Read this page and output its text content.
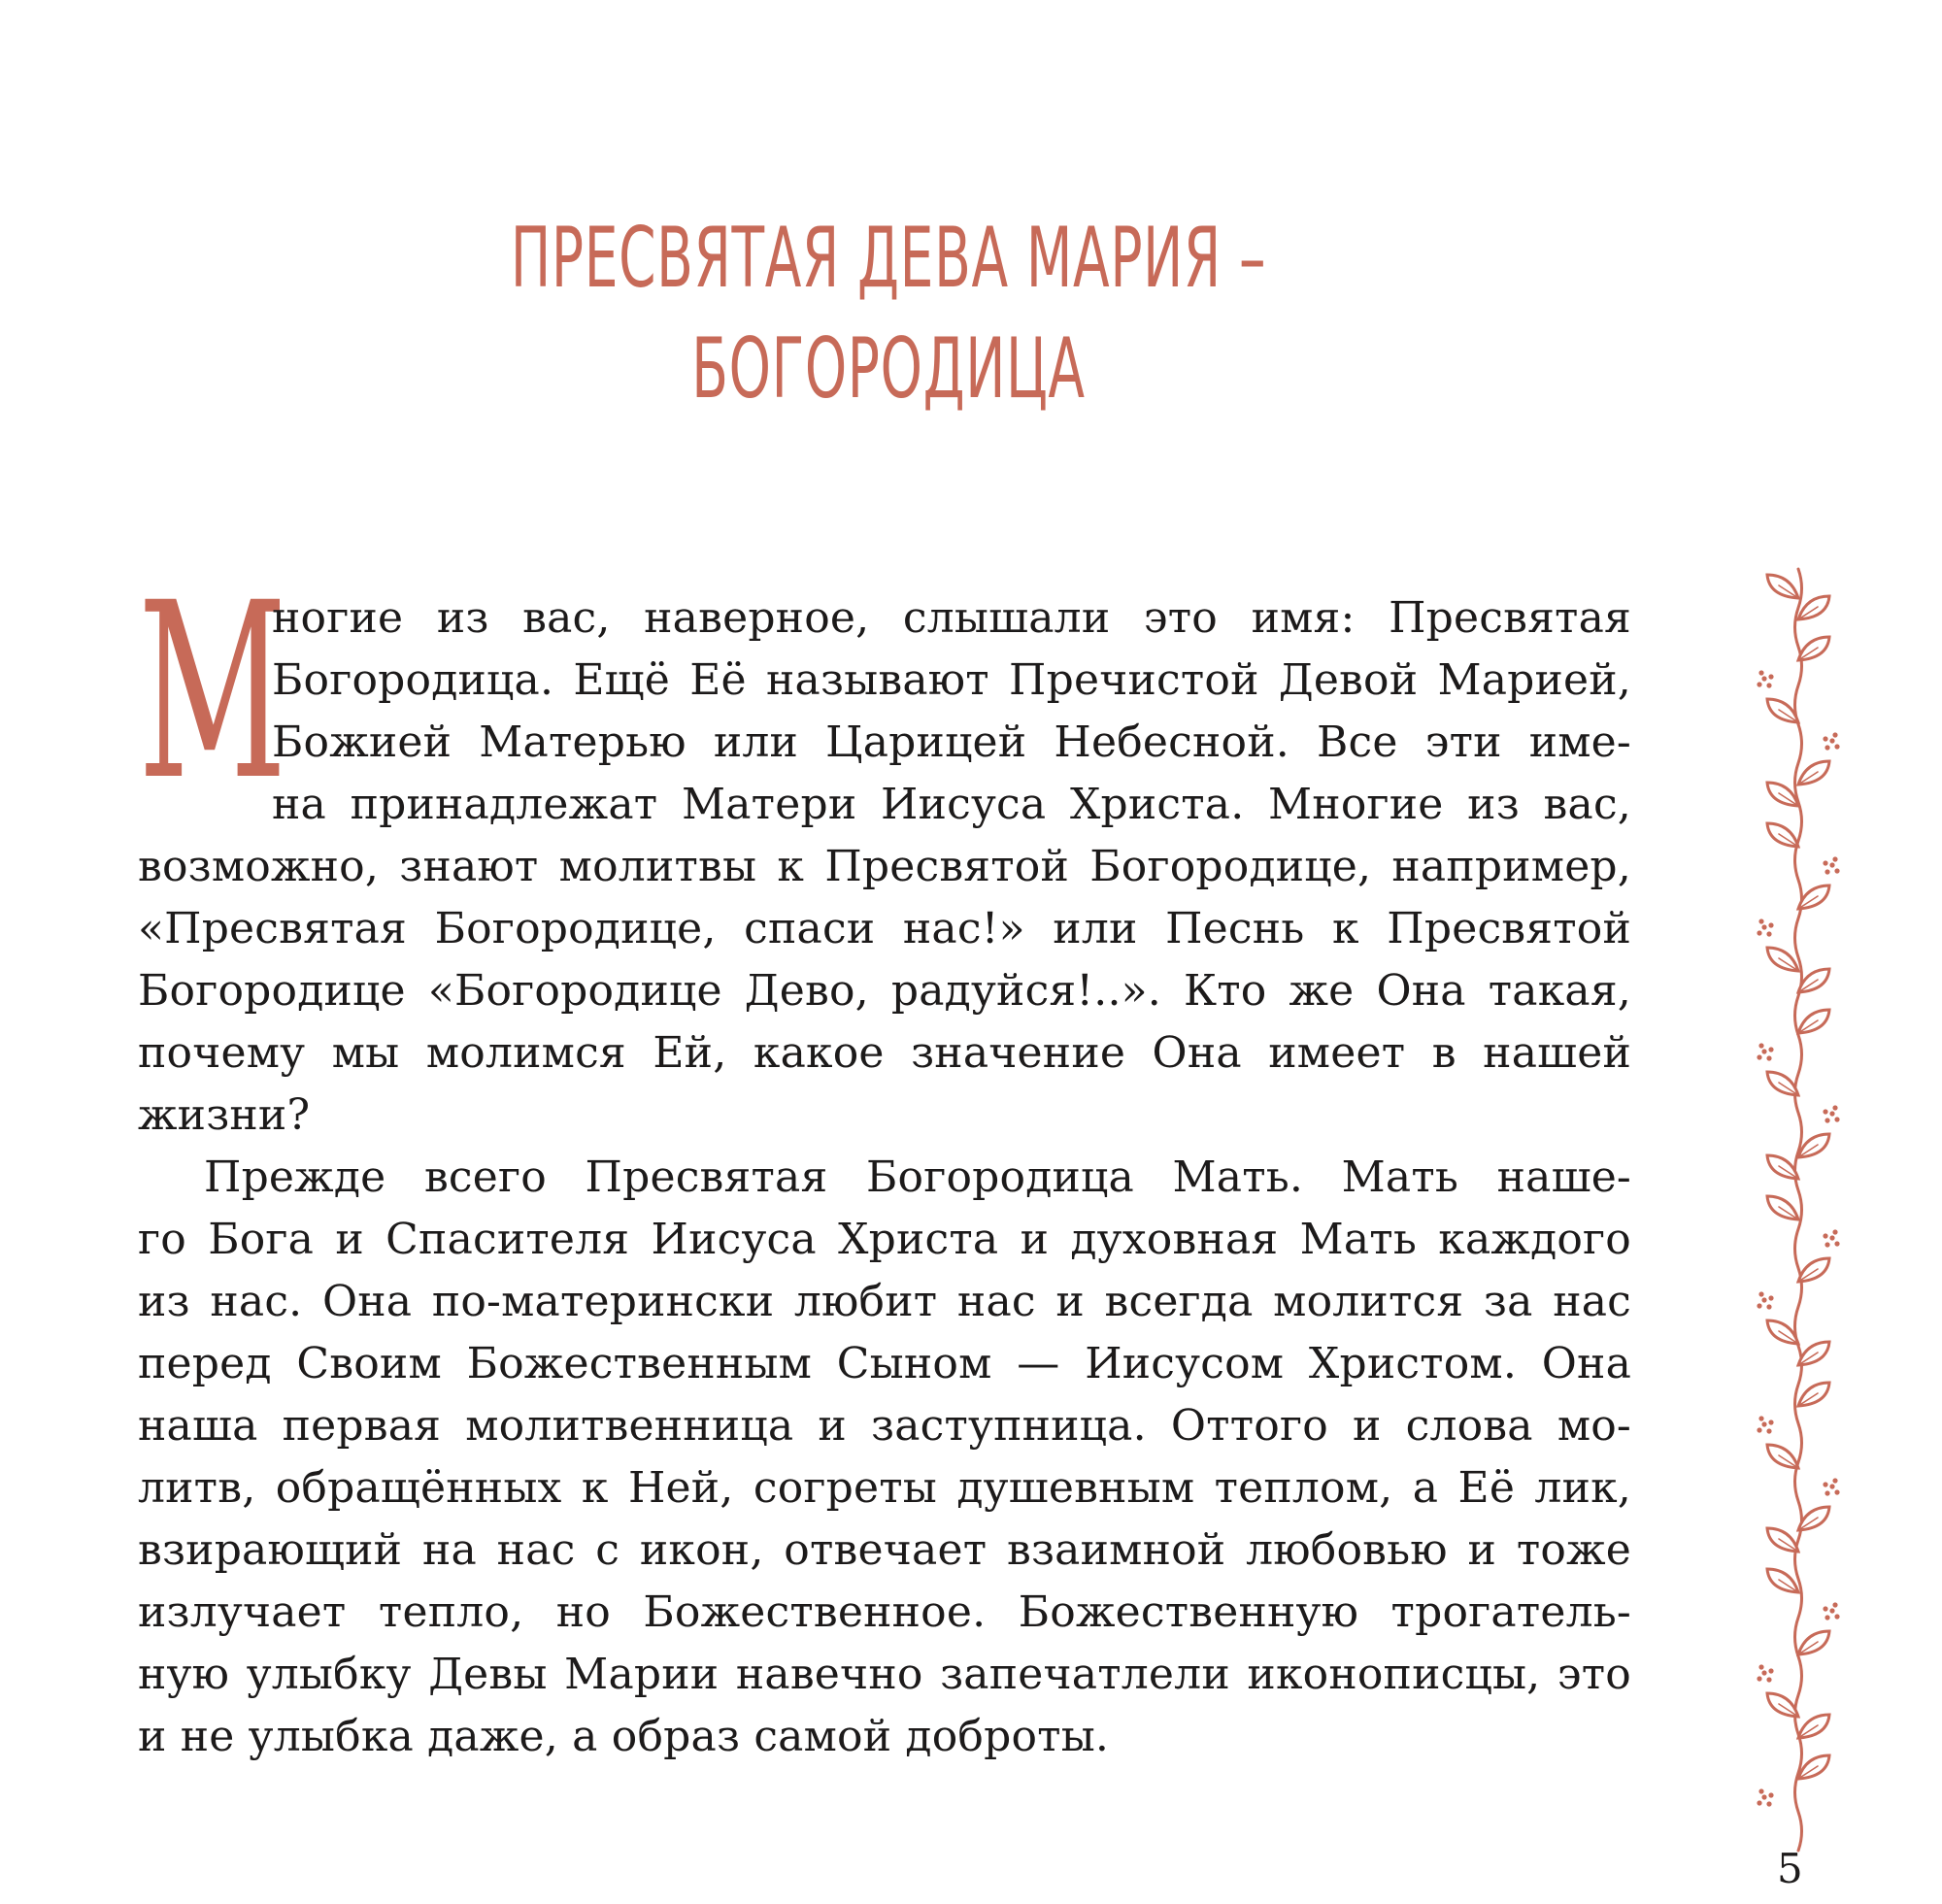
ПРЕСВЯТАЯ ДЕВА МАРИЯ –
БОГОРОДИЦА
М
ногие из вас, наверное, слышали это имя: Пресвятая
Богородица. Ещё Её называют Пречистой Девой Марией,
Божией Матерью или Царицей Небесной. Все эти име-
на принадлежат Матери Иисуса Христа. Многие из вас,
возможно, знают молитвы к Пресвятой Богородице, например,
«Пресвятая Богородице, спаси нас!» или Песнь к Пресвятой
Богородице «Богородице Дево, радуйся!..». Кто же Она такая,
почему мы молимся Ей, какое значение Она имеет в нашей
жизни?
Прежде всего Пресвятая Богородица Мать. Мать наше-
го Бога и Спасителя Иисуса Христа и духовная Мать каждого
из нас. Она по-матерински любит нас и всегда молится за нас
перед Своим Божественным Сыном — Иисусом Христом. Она
наша первая молитвенница и заступница. Оттого и слова мо-
литв, обращённых к Ней, согреты душевным теплом, а Её лик,
взирающий на нас с икон, отвечает взаимной любовью и тоже
излучает тепло, но Божественное. Божественную трогатель-
ную улыбку Девы Марии навечно запечатлели иконописцы, это
и не улыбка даже, а образ самой доброты.
5
